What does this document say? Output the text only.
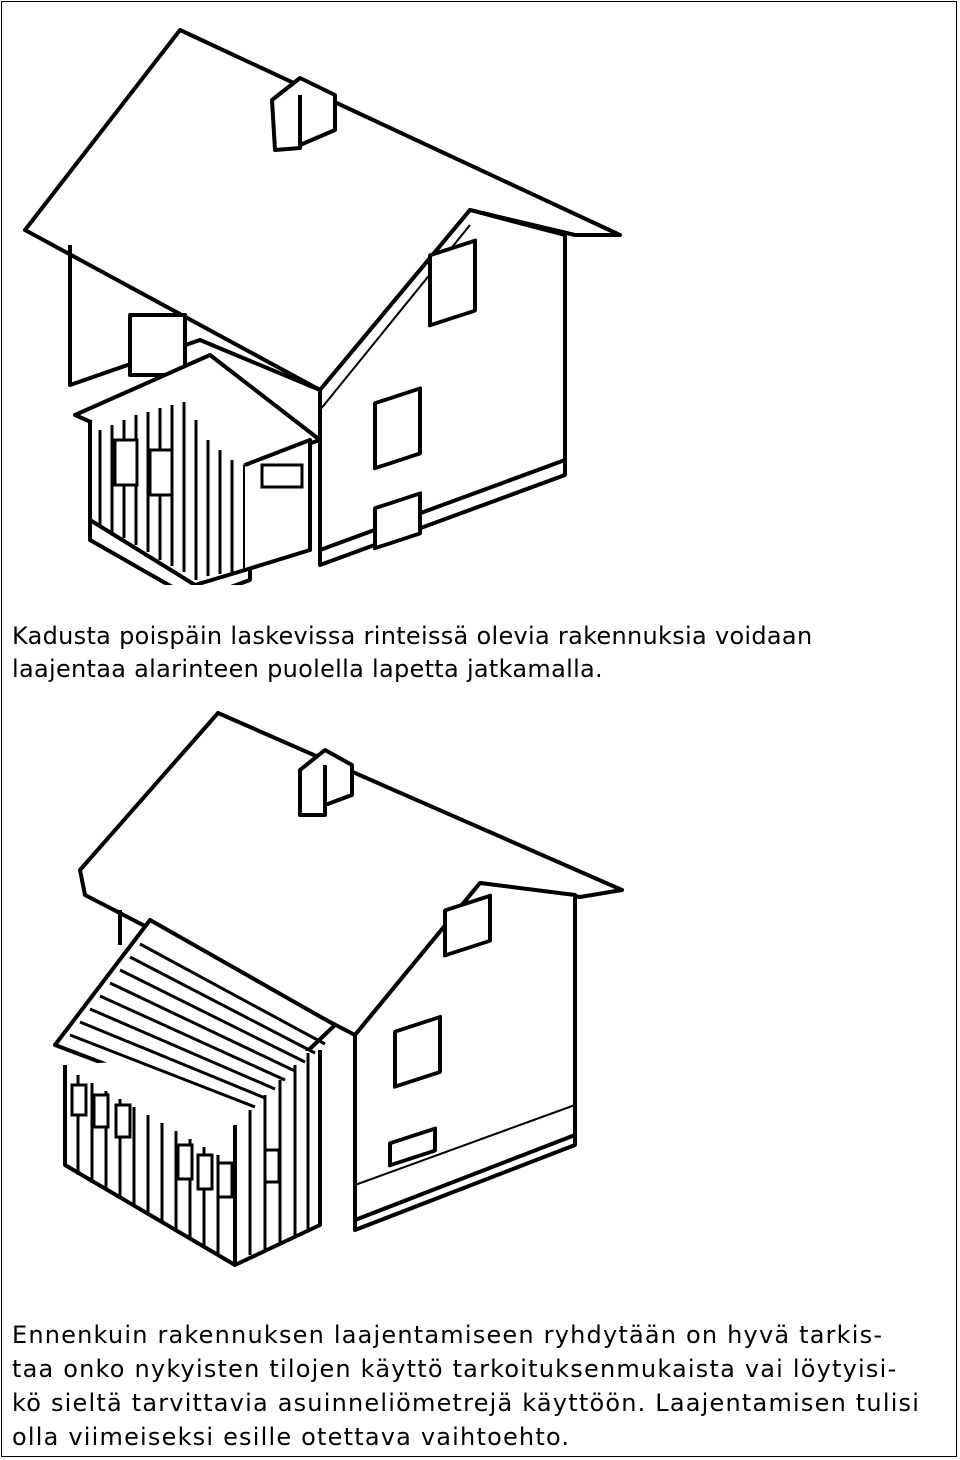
Kadusta poispäin laskevissa rinteissä olevia rakennuksia voidaan
laajentaa alarinteen puolella lapetta jatkamalla.
Ennenkuin rakennuksen laajentamiseen ryhdytään on hyvä tarkis-
taa onko nykyisten tilojen käyttö tarkoituksenmukaista vai löytyisi-
kö sieltä tarvittavia asuinneliömetrejä käyttöön. Laajentamisen tulisi
olla viimeiseksi esille otettava vaihtoehto.
